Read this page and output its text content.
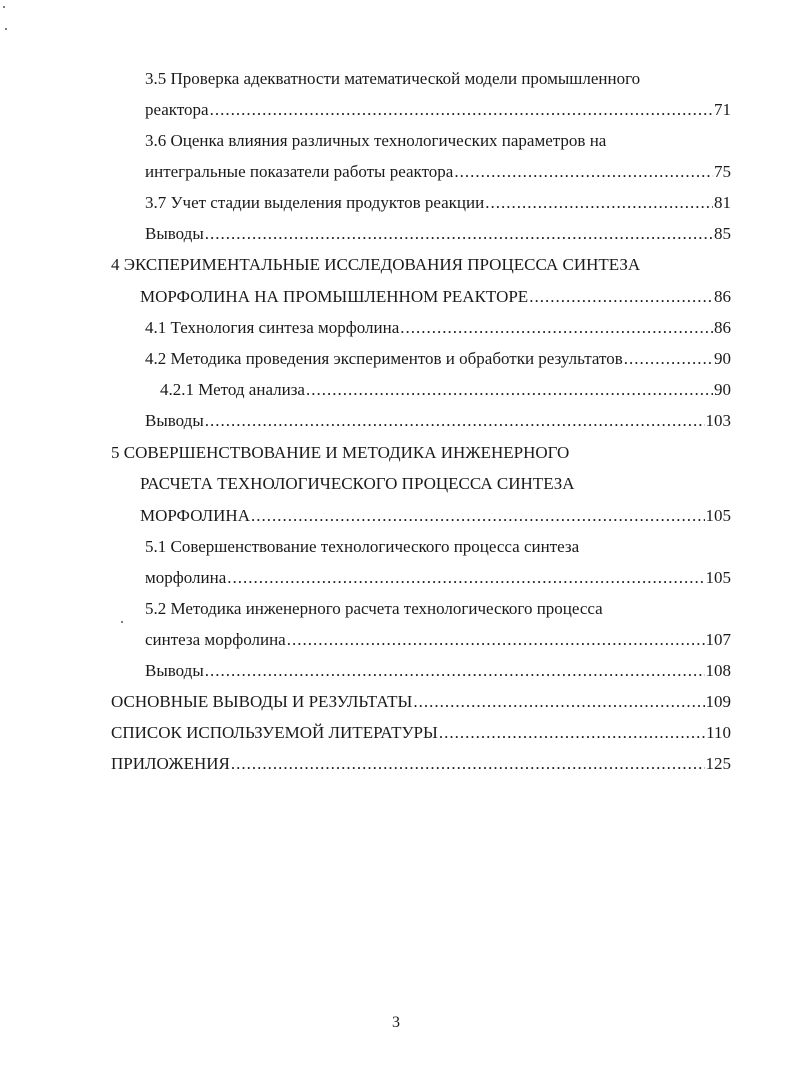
3.5 Проверка адекватности математической модели промышленного
реактора .....	71
3.6 Оценка влияния различных технологических параметров на
интегральные показатели работы реактора .....	75
3.7 Учет стадии выделения продуктов реакции .....	81
Выводы .....	85
4 ЭКСПЕРИМЕНТАЛЬНЫЕ ИССЛЕДОВАНИЯ ПРОЦЕССА СИНТЕЗА
МОРФОЛИНА НА ПРОМЫШЛЕННОМ РЕАКТОРЕ .....	86
4.1 Технология синтеза морфолина .....	86
4.2 Методика проведения экспериментов и обработки результатов .....	90
4.2.1 Метод анализа .....	90
Выводы .....	103
5 СОВЕРШЕНСТВОВАНИЕ И МЕТОДИКА ИНЖЕНЕРНОГО
РАСЧЕТА ТЕХНОЛОГИЧЕСКОГО ПРОЦЕССА СИНТЕЗА
МОРФОЛИНА .....	105
5.1 Совершенствование технологического процесса синтеза
морфолина .....	105
5.2 Методика инженерного расчета технологического процесса
синтеза морфолина .....	107
Выводы .....	108
ОСНОВНЫЕ ВЫВОДЫ И РЕЗУЛЬТАТЫ .....	109
СПИСОК ИСПОЛЬЗУЕМОЙ ЛИТЕРАТУРЫ .....	110
ПРИЛОЖЕНИЯ .....	125
3
